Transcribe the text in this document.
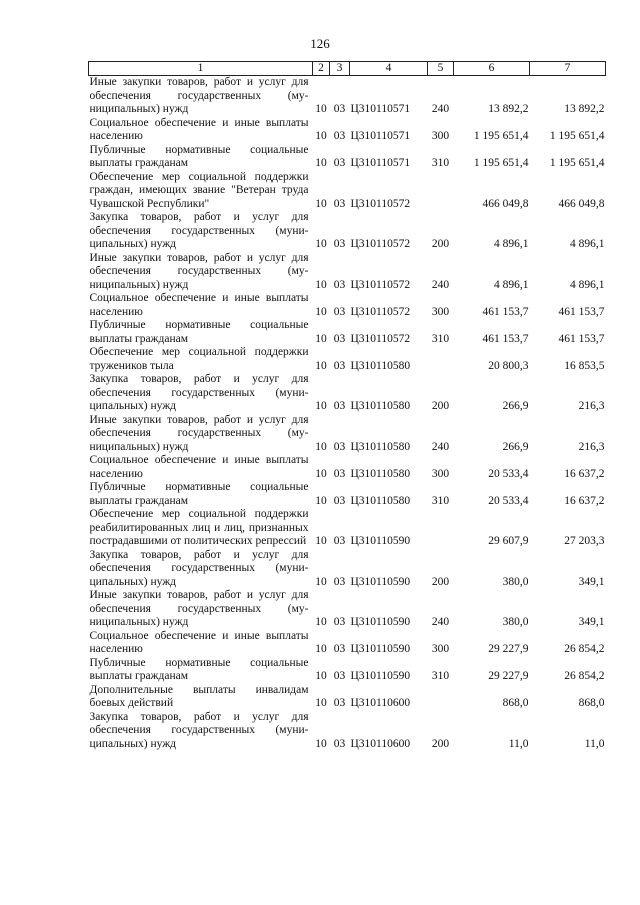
126
1	2	3	4	5	6	7
Иные закупки товаров, работ и услуг для обеспечения государственных (муниципальных) нужд	10	03	Ц310110571	240	13 892,2	13 892,2
Социальное обеспечение и иные выплаты населению	10	03	Ц310110571	300	1 195 651,4	1 195 651,4
Публичные нормативные социальные выплаты гражданам	10	03	Ц310110571	310	1 195 651,4	1 195 651,4
Обеспечение мер социальной поддержки граждан, имеющих звание "Ветеран труда Чувашской Республики"	10	03	Ц310110572		466 049,8	466 049,8
Закупка товаров, работ и услуг для обеспечения государственных (муниципальных) нужд	10	03	Ц310110572	200	4 896,1	4 896,1
Иные закупки товаров, работ и услуг для обеспечения государственных (муниципальных) нужд	10	03	Ц310110572	240	4 896,1	4 896,1
Социальное обеспечение и иные выплаты населению	10	03	Ц310110572	300	461 153,7	461 153,7
Публичные нормативные социальные выплаты гражданам	10	03	Ц310110572	310	461 153,7	461 153,7
Обеспечение мер социальной поддержки тружеников тыла	10	03	Ц310110580		20 800,3	16 853,5
Закупка товаров, работ и услуг для обеспечения государственных (муниципальных) нужд	10	03	Ц310110580	200	266,9	216,3
Иные закупки товаров, работ и услуг для обеспечения государственных (муниципальных) нужд	10	03	Ц310110580	240	266,9	216,3
Социальное обеспечение и иные выплаты населению	10	03	Ц310110580	300	20 533,4	16 637,2
Публичные нормативные социальные выплаты гражданам	10	03	Ц310110580	310	20 533,4	16 637,2
Обеспечение мер социальной поддержки реабилитированных лиц и лиц, признанных пострадавшими от политических репрессий	10	03	Ц310110590		29 607,9	27 203,3
Закупка товаров, работ и услуг для обеспечения государственных (муниципальных) нужд	10	03	Ц310110590	200	380,0	349,1
Иные закупки товаров, работ и услуг для обеспечения государственных (муниципальных) нужд	10	03	Ц310110590	240	380,0	349,1
Социальное обеспечение и иные выплаты населению	10	03	Ц310110590	300	29 227,9	26 854,2
Публичные нормативные социальные выплаты гражданам	10	03	Ц310110590	310	29 227,9	26 854,2
Дополнительные выплаты инвалидам боевых действий	10	03	Ц310110600		868,0	868,0
Закупка товаров, работ и услуг для обеспечения государственных (муниципальных) нужд	10	03	Ц310110600	200	11,0	11,0
